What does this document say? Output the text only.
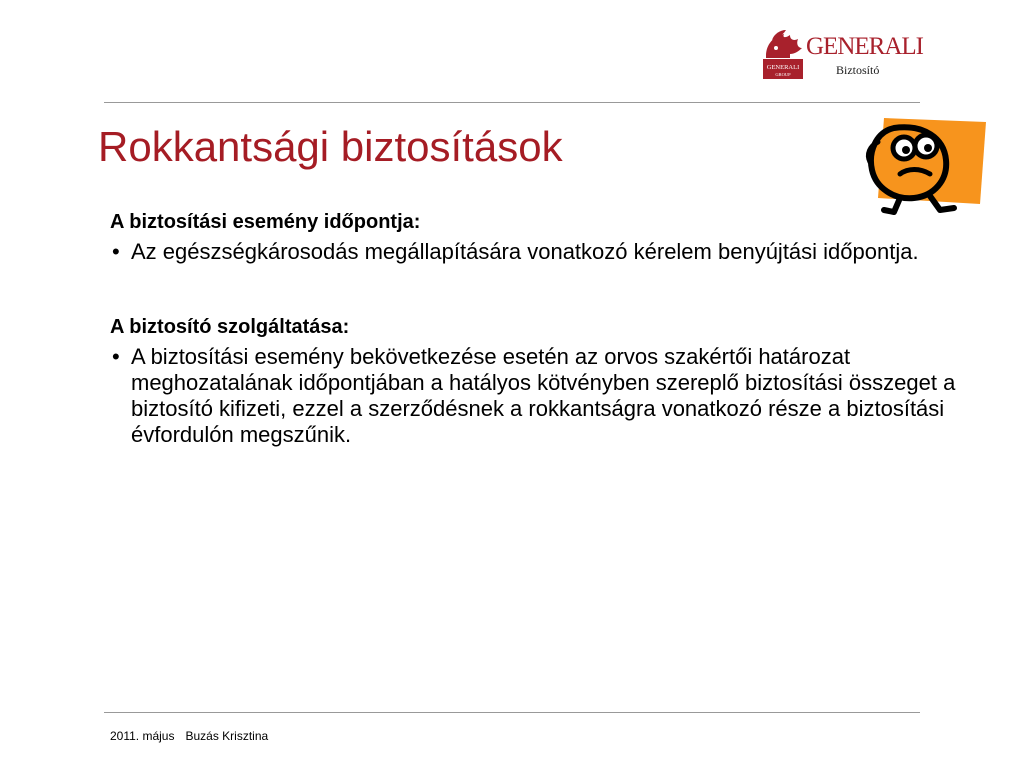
GENERALI
GROUP
GENERALI
Biztosító
Rokkantsági biztosítások

A biztosítási esemény időpontja:

• Az egészségkárosodás megállapítására vonatkozó kérelem benyújtási időpontja.

A biztosító szolgáltatása:

• A biztosítási esemény bekövetkezése esetén az orvos szakértői határozat meghozatalának időpontjában a hatályos kötvényben szereplő biztosítási összeget a biztosító kifizeti, ezzel a szerződésnek a rokkantságra vonatkozó része a biztosítási évfordulón megszűnik.

2011. május Buzás Krisztina
